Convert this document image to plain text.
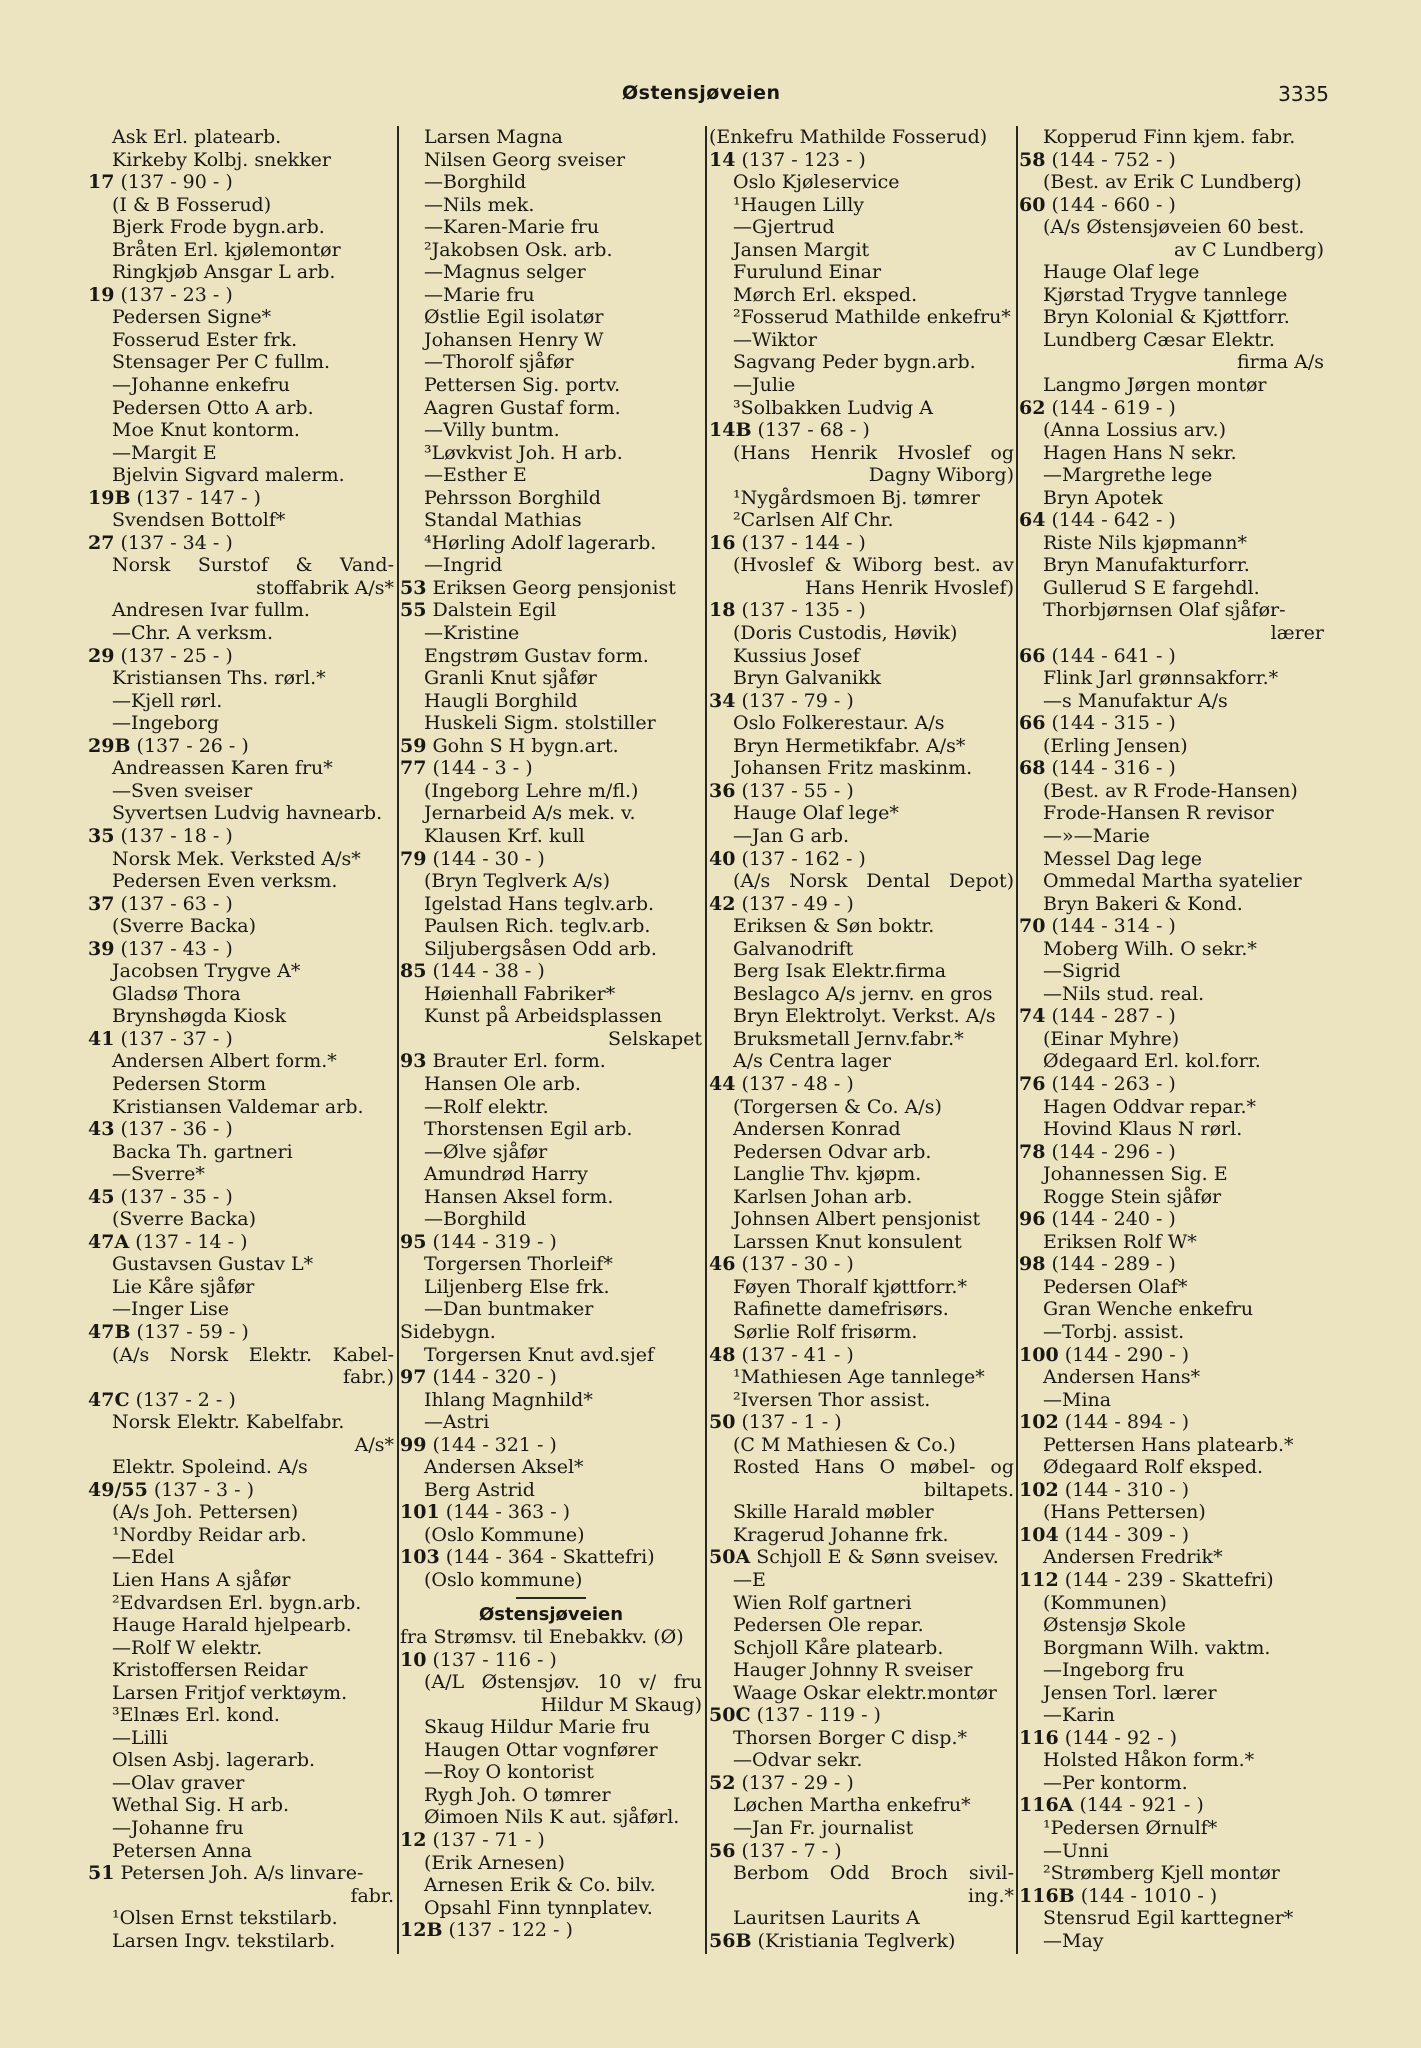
Østensjøveien	3335
Ask Erl. platearb.
Kirkeby Kolbj. snekker
17 (137 - 90 - )
(I & B Fosserud)
Bjerk Frode bygn.arb.
Bråten Erl. kjølemontør
Ringkjøb Ansgar L arb.
19 (137 - 23 - )
Pedersen Signe*
Fosserud Ester frk.
Stensager Per C fullm.
—Johanne enkefru
Pedersen Otto A arb.
Moe Knut kontorm.
—Margit E
Bjelvin Sigvard malerm.
19B (137 - 147 - )
Svendsen Bottolf*
27 (137 - 34 - )
Norsk Surstof & Vand-
stoffabrik A/s*
Andresen Ivar fullm.
—Chr. A verksm.
29 (137 - 25 - )
Kristiansen Ths. rørl.*
—Kjell rørl.
—Ingeborg
29B (137 - 26 - )
Andreassen Karen fru*
—Sven sveiser
Syvertsen Ludvig havnearb.
35 (137 - 18 - )
Norsk Mek. Verksted A/s*
Pedersen Even verksm.
37 (137 - 63 - )
(Sverre Backa)
39 (137 - 43 - )
Jacobsen Trygve A*
Gladsø Thora
Brynshøgda Kiosk
41 (137 - 37 - )
Andersen Albert form.*
Pedersen Storm
Kristiansen Valdemar arb.
43 (137 - 36 - )
Backa Th. gartneri
—Sverre*
45 (137 - 35 - )
(Sverre Backa)
47A (137 - 14 - )
Gustavsen Gustav L*
Lie Kåre sjåfør
—Inger Lise
47B (137 - 59 - )
(A/s Norsk Elektr. Kabel-
fabr.)
47C (137 - 2 - )
Norsk Elektr. Kabelfabr.
A/s*
Elektr. Spoleind. A/s
49/55 (137 - 3 - )
(A/s Joh. Pettersen)
¹Nordby Reidar arb.
—Edel
Lien Hans A sjåfør
²Edvardsen Erl. bygn.arb.
Hauge Harald hjelpearb.
—Rolf W elektr.
Kristoffersen Reidar
Larsen Fritjof verktøym.
³Elnæs Erl. kond.
—Lilli
Olsen Asbj. lagerarb.
—Olav graver
Wethal Sig. H arb.
—Johanne fru
Petersen Anna
51 Petersen Joh. A/s linvare-
fabr.
¹Olsen Ernst tekstilarb.
Larsen Ingv. tekstilarb.
Larsen Magna
Nilsen Georg sveiser
—Borghild
—Nils mek.
—Karen-Marie fru
²Jakobsen Osk. arb.
—Magnus selger
—Marie fru
Østlie Egil isolatør
Johansen Henry W
—Thorolf sjåfør
Pettersen Sig. portv.
Aagren Gustaf form.
—Villy buntm.
³Løvkvist Joh. H arb.
—Esther E
Pehrsson Borghild
Standal Mathias
⁴Hørling Adolf lagerarb.
—Ingrid
53 Eriksen Georg pensjonist
55 Dalstein Egil
—Kristine
Engstrøm Gustav form.
Granli Knut sjåfør
Haugli Borghild
Huskeli Sigm. stolstiller
59 Gohn S H bygn.art.
77 (144 - 3 - )
(Ingeborg Lehre m/fl.)
Jernarbeid A/s mek. v.
Klausen Krf. kull
79 (144 - 30 - )
(Bryn Teglverk A/s)
Igelstad Hans teglv.arb.
Paulsen Rich. teglv.arb.
Siljubergsåsen Odd arb.
85 (144 - 38 - )
Høienhall Fabriker*
Kunst på Arbeidsplassen
Selskapet
93 Brauter Erl. form.
Hansen Ole arb.
—Rolf elektr.
Thorstensen Egil arb.
—Ølve sjåfør
Amundrød Harry
Hansen Aksel form.
—Borghild
95 (144 - 319 - )
Torgersen Thorleif*
Liljenberg Else frk.
—Dan buntmaker
Sidebygn.
Torgersen Knut avd.sjef
97 (144 - 320 - )
Ihlang Magnhild*
—Astri
99 (144 - 321 - )
Andersen Aksel*
Berg Astrid
101 (144 - 363 - )
(Oslo Kommune)
103 (144 - 364 - Skattefri)
(Oslo kommune)
Østensjøveien
fra Strømsv. til Enebakkv. (Ø)
10 (137 - 116 - )
(A/L Østensjøv. 10 v/ fru
Hildur M Skaug)
Skaug Hildur Marie fru
Haugen Ottar vognfører
—Roy O kontorist
Rygh Joh. O tømrer
Øimoen Nils K aut. sjåførl.
12 (137 - 71 - )
(Erik Arnesen)
Arnesen Erik & Co. bilv.
Opsahl Finn tynnplatev.
12B (137 - 122 - )
(Enkefru Mathilde Fosserud)
14 (137 - 123 - )
Oslo Kjøleservice
¹Haugen Lilly
—Gjertrud
Jansen Margit
Furulund Einar
Mørch Erl. eksped.
²Fosserud Mathilde enkefru*
—Wiktor
Sagvang Peder bygn.arb.
—Julie
³Solbakken Ludvig A
14B (137 - 68 - )
(Hans Henrik Hvoslef og
Dagny Wiborg)
¹Nygårdsmoen Bj. tømrer
²Carlsen Alf Chr.
16 (137 - 144 - )
(Hvoslef & Wiborg best. av
Hans Henrik Hvoslef)
18 (137 - 135 - )
(Doris Custodis, Høvik)
Kussius Josef
Bryn Galvanikk
34 (137 - 79 - )
Oslo Folkerestaur. A/s
Bryn Hermetikfabr. A/s*
Johansen Fritz maskinm.
36 (137 - 55 - )
Hauge Olaf lege*
—Jan G arb.
40 (137 - 162 - )
(A/s Norsk Dental Depot)
42 (137 - 49 - )
Eriksen & Søn boktr.
Galvanodrift
Berg Isak Elektr.firma
Beslagco A/s jernv. en gros
Bryn Elektrolyt. Verkst. A/s
Bruksmetall Jernv.fabr.*
A/s Centra lager
44 (137 - 48 - )
(Torgersen & Co. A/s)
Andersen Konrad
Pedersen Odvar arb.
Langlie Thv. kjøpm.
Karlsen Johan arb.
Johnsen Albert pensjonist
Larssen Knut konsulent
46 (137 - 30 - )
Føyen Thoralf kjøttforr.*
Rafinette damefrisørs.
Sørlie Rolf frisørm.
48 (137 - 41 - )
¹Mathiesen Age tannlege*
²Iversen Thor assist.
50 (137 - 1 - )
(C M Mathiesen & Co.)
Rosted Hans O møbel- og
biltapets.
Skille Harald møbler
Kragerud Johanne frk.
50A Schjoll E & Sønn sveisev.
—E
Wien Rolf gartneri
Pedersen Ole repar.
Schjoll Kåre platearb.
Hauger Johnny R sveiser
Waage Oskar elektr.montør
50C (137 - 119 - )
Thorsen Borger C disp.*
—Odvar sekr.
52 (137 - 29 - )
Løchen Martha enkefru*
—Jan Fr. journalist
56 (137 - 7 - )
Berbom Odd Broch sivil-
ing.*
Lauritsen Laurits A
56B (Kristiania Teglverk)
Kopperud Finn kjem. fabr.
58 (144 - 752 - )
(Best. av Erik C Lundberg)
60 (144 - 660 - )
(A/s Østensjøveien 60 best.
av C Lundberg)
Hauge Olaf lege
Kjørstad Trygve tannlege
Bryn Kolonial & Kjøttforr.
Lundberg Cæsar Elektr.
firma A/s
Langmo Jørgen montør
62 (144 - 619 - )
(Anna Lossius arv.)
Hagen Hans N sekr.
—Margrethe lege
Bryn Apotek
64 (144 - 642 - )
Riste Nils kjøpmann*
Bryn Manufakturforr.
Gullerud S E fargehdl.
Thorbjørnsen Olaf sjåfør-
lærer
66 (144 - 641 - )
Flink Jarl grønnsakforr.*
—s Manufaktur A/s
66 (144 - 315 - )
(Erling Jensen)
68 (144 - 316 - )
(Best. av R Frode-Hansen)
Frode-Hansen R revisor
—»—Marie
Messel Dag lege
Ommedal Martha syatelier
Bryn Bakeri & Kond.
70 (144 - 314 - )
Moberg Wilh. O sekr.*
—Sigrid
—Nils stud. real.
74 (144 - 287 - )
(Einar Myhre)
Ødegaard Erl. kol.forr.
76 (144 - 263 - )
Hagen Oddvar repar.*
Hovind Klaus N rørl.
78 (144 - 296 - )
Johannessen Sig. E
Rogge Stein sjåfør
96 (144 - 240 - )
Eriksen Rolf W*
98 (144 - 289 - )
Pedersen Olaf*
Gran Wenche enkefru
—Torbj. assist.
100 (144 - 290 - )
Andersen Hans*
—Mina
102 (144 - 894 - )
Pettersen Hans platearb.*
Ødegaard Rolf eksped.
102 (144 - 310 - )
(Hans Pettersen)
104 (144 - 309 - )
Andersen Fredrik*
112 (144 - 239 - Skattefri)
(Kommunen)
Østensjø Skole
Borgmann Wilh. vaktm.
—Ingeborg fru
Jensen Torl. lærer
—Karin
116 (144 - 92 - )
Holsted Håkon form.*
—Per kontorm.
116A (144 - 921 - )
¹Pedersen Ørnulf*
—Unni
²Strømberg Kjell montør
116B (144 - 1010 - )
Stensrud Egil karttegner*
—May
